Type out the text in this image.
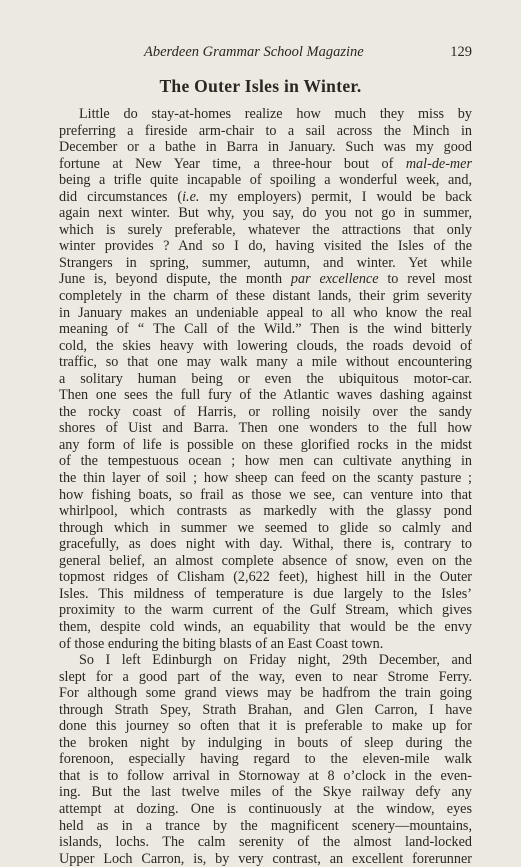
Aberdeen Grammar School Magazine	129
The Outer Isles in Winter.
Little do stay-at-homes realize how much they miss by
preferring a fireside arm-chair to a sail across the Minch in
December or a bathe in Barra in January. Such was my good
fortune at New Year time, a three-hour bout of mal-de-mer
being a trifle quite incapable of spoiling a wonderful week, and,
did circumstances (i.e. my employers) permit, I would be back
again next winter. But why, you say, do you not go in summer,
which is surely preferable, whatever the attractions that only
winter provides ? And so I do, having visited the Isles of the
Strangers in spring, summer, autumn, and winter. Yet while
June is, beyond dispute, the month par excellence to revel most
completely in the charm of these distant lands, their grim severity
in January makes an undeniable appeal to all who know the real
meaning of “ The Call of the Wild.” Then is the wind bitterly
cold, the skies heavy with lowering clouds, the roads devoid of
traffic, so that one may walk many a mile without encountering
a solitary human being or even the ubiquitous motor-car.
Then one sees the full fury of the Atlantic waves dashing against
the rocky coast of Harris, or rolling noisily over the sandy
shores of Uist and Barra. Then one wonders to the full how
any form of life is possible on these glorified rocks in the midst
of the tempestuous ocean ; how men can cultivate anything in
the thin layer of soil ; how sheep can feed on the scanty pasture ;
how fishing boats, so frail as those we see, can venture into that
whirlpool, which contrasts as markedly with the glassy pond
through which in summer we seemed to glide so calmly and
gracefully, as does night with day. Withal, there is, contrary to
general belief, an almost complete absence of snow, even on the
topmost ridges of Clisham (2,622 feet), highest hill in the Outer
Isles. This mildness of temperature is due largely to the Isles’
proximity to the warm current of the Gulf Stream, which gives
them, despite cold winds, an equability that would be the envy
of those enduring the biting blasts of an East Coast town.
So I left Edinburgh on Friday night, 29th December, and
slept for a good part of the way, even to near Strome Ferry.
For although some grand views may be hadfrom the train going
through Strath Spey, Strath Brahan, and Glen Carron, I have
done this journey so often that it is preferable to make up for
the broken night by indulging in bouts of sleep during the
forenoon, especially having regard to the eleven-mile walk
that is to follow arrival in Stornoway at 8 o’clock in the even-
ing. But the last twelve miles of the Skye railway defy any
attempt at dozing. One is continuously at the window, eyes
held as in a trance by the magnificent scenery—mountains,
islands, lochs. The calm serenity of the almost land-locked
Upper Loch Carron, is, by very contrast, an excellent forerunner
